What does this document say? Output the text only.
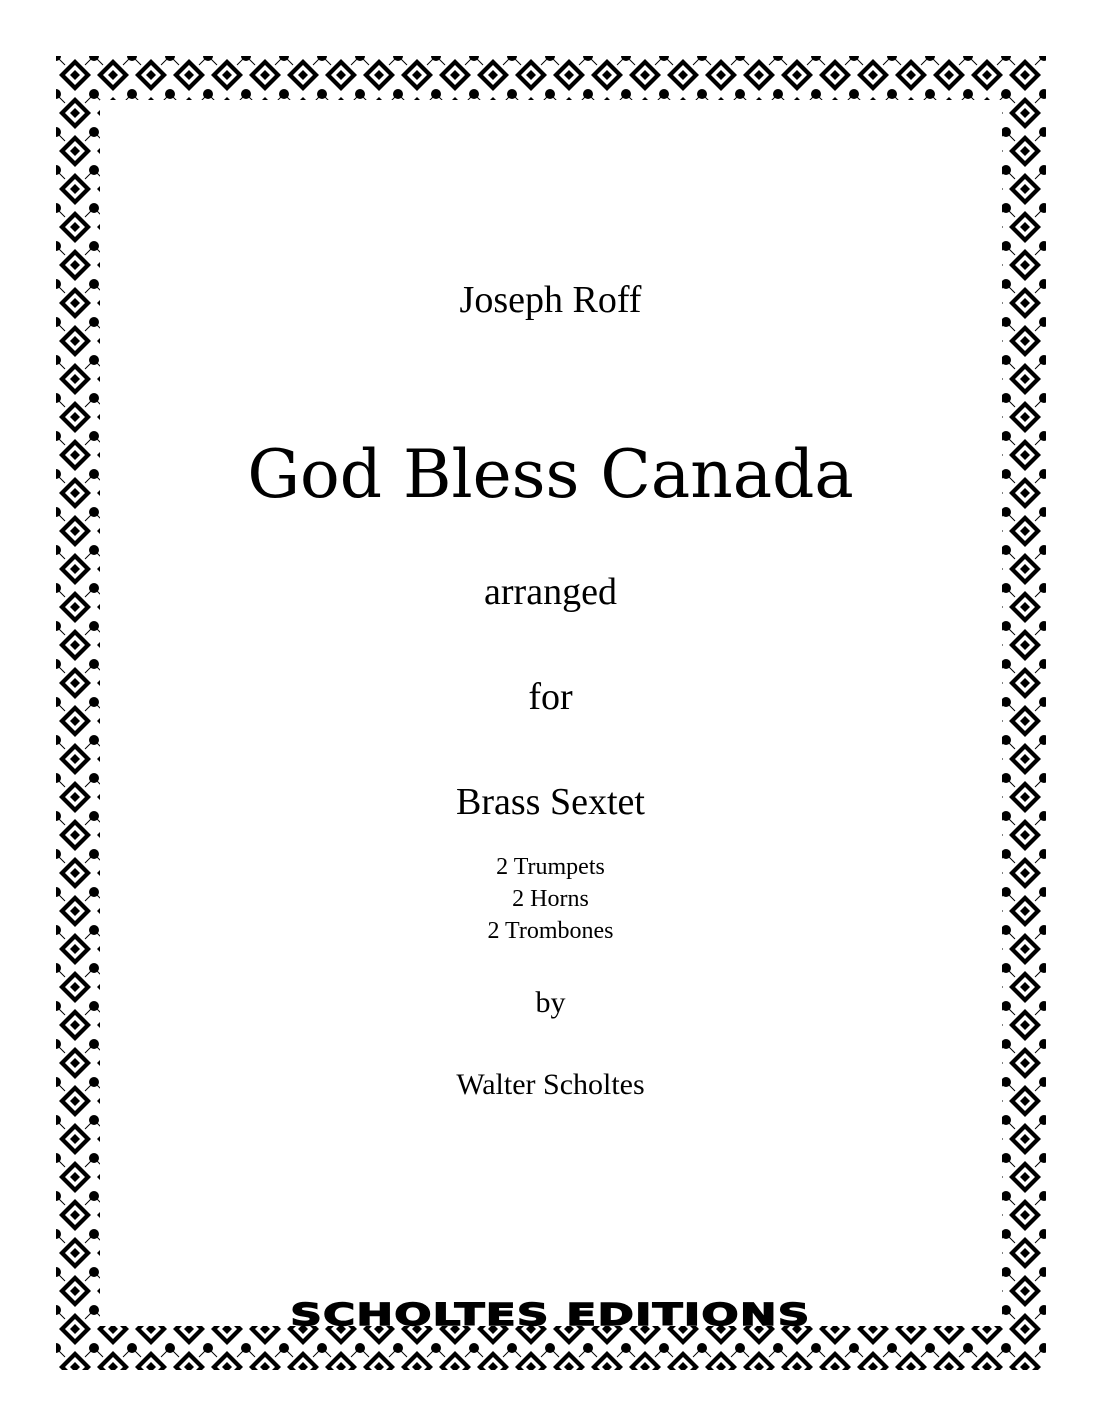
Joseph Roff
God Bless Canada
arranged
for
Brass Sextet
2 Trumpets
2 Horns
2 Trombones
by
Walter Scholtes
SCHOLTES EDITIONS
